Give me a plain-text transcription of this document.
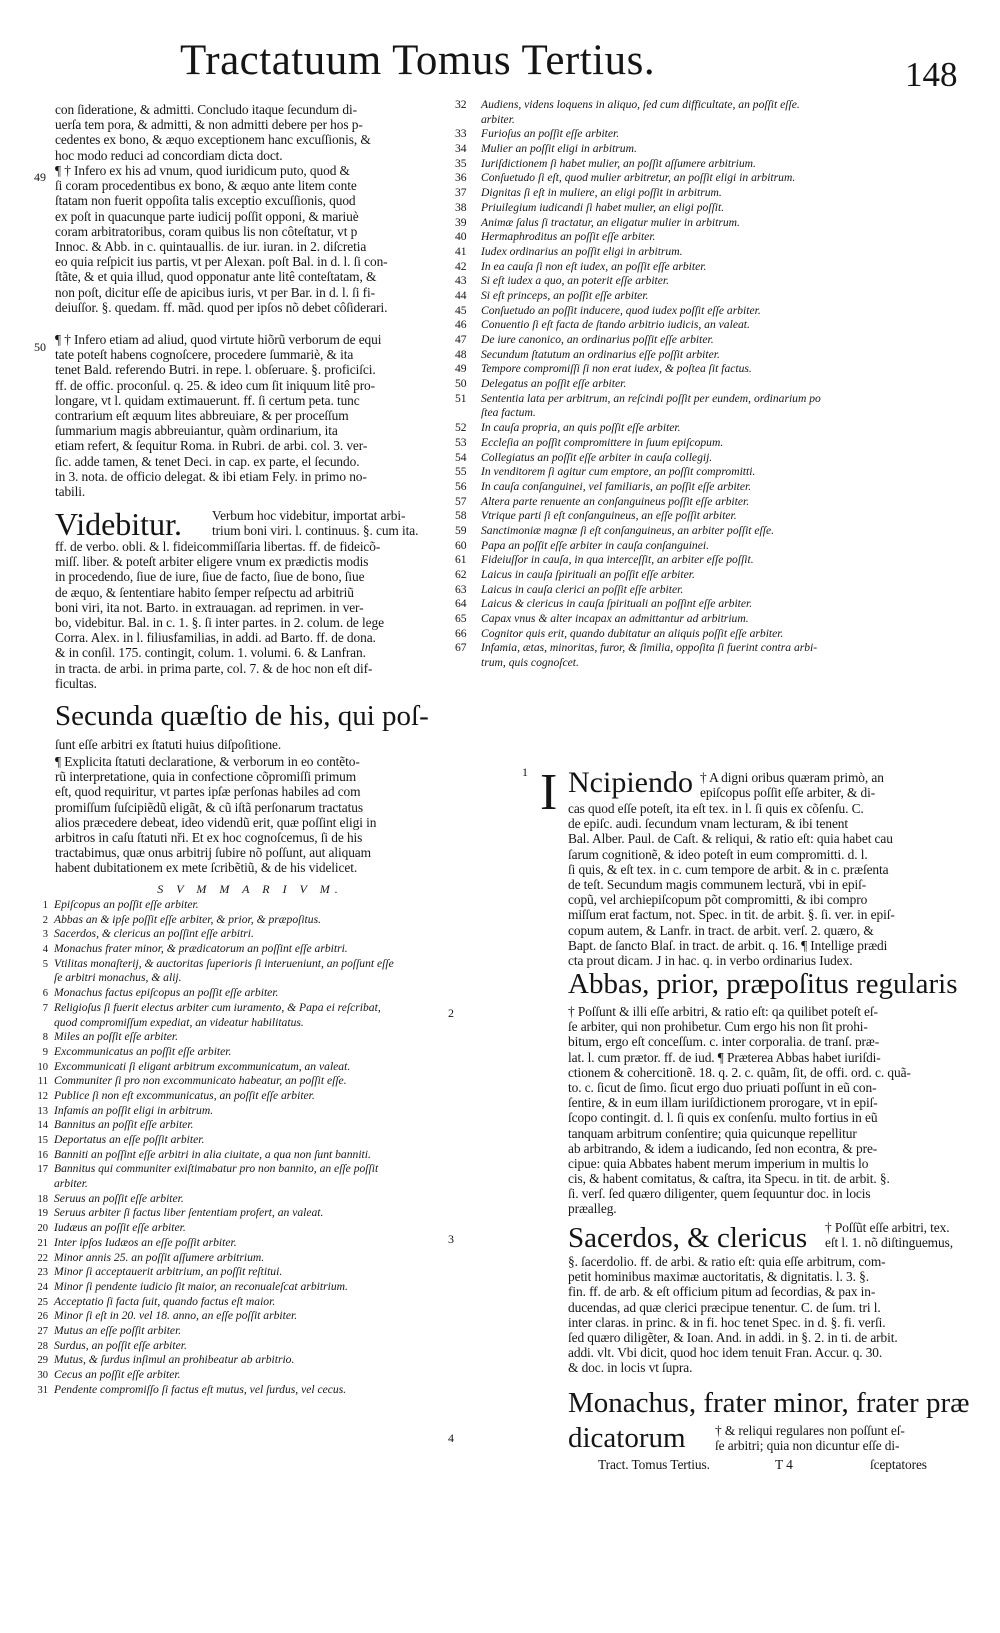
Tractatuum Tomus Tertius.	148
con ſideratione, & admitti. Concludo itaque ſecundum di-
uerſa tem pora, & admitti, & non admitti debere per hos p-
cedentes ex bono, & æquo exceptionem hanc excuſſionis, &
hoc modo reduci ad concordiam dicta doct.
49 ¶ † Infero ex his ad vnum, quod iuridicum puto, quod &
ſi coram procedentibus ex bono, & æquo ante litem conte
ſtatam non fuerit oppoſita talis exceptio excuſſionis, quod
ex poſt in quacunque parte iudicij poſſit opponi, & mariuè
coram arbitratoribus, coram quibus lis non côteſtatur, vt p
Innoc. & Abb. in c. quintauallis. de iur. iuran. in 2. diſcretia
eo quia reſpicit ius partis, vt per Alexan. poſt Bal. in d. l. ſi con-
ſtãte, & et quia illud, quod opponatur ante litê conteſtatam, &
non poſt, dicitur eſſe de apicibus iuris, vt per Bar. in d. l. ſi fi-
deiuſſor. §. quedam. ff. mãd. quod per ipſos nõ debet côſiderari.
50 ¶ † Infero etiam ad aliud, quod virtute hiõrũ verborum de equi
tate poteſt habens cognoſcere, procedere ſummariè, & ita
tenet Bald. referendo Butri. in repe. l. obſeruare. §. proficiſci.
ff. de offic. proconſul. q. 25. & ideo cum ſit iniquum litê pro-
longare, vt l. quidam extimauerunt. ff. ſi certum peta. tunc
contrarium eſt æquum lites abbreuiare, & per proceſſum
ſummarium magis abbreuiantur, quàm ordinarium, ita
etiam refert, & ſequitur Roma. in Rubri. de arbi. col. 3. ver-
ſic. adde tamen, & tenet Deci. in cap. ex parte, el ſecundo.
in 3. nota. de officio delegat. & ibi etiam Fely. in primo no-
tabili.
Videbitur. Verbum hoc videbitur, importat arbi-
trium boni viri. l. continuus. §. cum ita.
ff. de verbo. obli. & l. fideicommiſſaria libertas. ff. de fideicõ-
miſſ. liber. & poteſt arbiter eligere vnum ex prædictis modis
in procedendo, ſiue de iure, ſiue de facto, ſiue de bono, ſiue
de æquo, & ſententiare habito ſemper reſpectu ad arbitriũ
boni viri, ita not. Barto. in extrauagan. ad reprimen. in ver-
bo, videbitur. Bal. in c. 1. §. ſi inter partes. in 2. colum. de lege
Corra. Alex. in l. filiusfamilias, in addi. ad Barto. ff. de dona.
& in conſil. 175. contingit, colum. 1. volumi. 6. & Lanfran.
in tracta. de arbi. in prima parte, col. 7. & de hoc non eſt dif-
ficultas.
Secunda quæſtio de his, qui poſ-
ſunt eſſe arbitri ex ſtatuti huius diſpoſitione.
¶ Explicita ſtatuti declaratione, & verborum in eo contẽto-
rũ interpretatione, quia in confectione cõpromiſſi primum
eſt, quod requiritur, vt partes ipſæ perſonas habiles ad com
promiſſum ſuſcipiẽdũ eligãt, & cũ iſtã perſonarum tractatus
alios præcedere debeat, ideo videndũ erit, quæ poſſint eligi in
arbitros in caſu ſtatuti nři. Et ex hoc cognoſcemus, ſi de his
tractabimus, quæ onus arbitrij ſubire nõ poſſunt, aut aliquam
habent dubitationem ex mete ſcribẽtiũ, & de his videlicet.
S V M M A R I V M.
1 Epiſcopus an poſſit eſſe arbiter.
2 Abbas an & ipſe poſſit eſſe arbiter, & prior, & præpoſitus.
3 Sacerdos, & clericus an poſſint eſſe arbitri.
4 Monachus frater minor, & prædicatorum an poſſint eſſe arbitri.
5 Vtilitas monaſterij, & auctoritas ſuperioris ſi interueniunt, an poſſunt eſſe
ſe arbitri monachus, & alij.
6 Monachus factus epiſcopus an poſſit eſſe arbiter.
7 Religioſus ſi fuerit electus arbiter cum iuramento, & Papa ei reſcribat,
quod compromiſſum expediat, an videatur habilitatus.
8 Miles an poſſit eſſe arbiter.
9 Excommunicatus an poſſit eſſe arbiter.
10 Excommunicati ſi eligant arbitrum excommunicatum, an valeat.
11 Communiter ſi pro non excommunicato habeatur, an poſſit eſſe.
12 Publice ſi non eſt excommunicatus, an poſſit eſſe arbiter.
13 Infamis an poſſit eligi in arbitrum.
14 Bannitus an poſſit eſſe arbiter.
15 Deportatus an eſſe poſſit arbiter.
16 Banniti an poſſint eſſe arbitri in alia ciuitate, a qua non ſunt banniti.
17 Bannitus qui communiter exiſtimabatur pro non bannito, an eſſe poſſit
arbiter.
18 Seruus an poſſit eſſe arbiter.
19 Seruus arbiter ſi factus liber ſententiam profert, an valeat.
20 Iudæus an poſſit eſſe arbiter.
21 Inter ipſos Iudæos an eſſe poſſit arbiter.
22 Minor annis 25. an poſſit aſſumere arbitrium.
23 Minor ſi acceptauerit arbitrium, an poſſit reſtitui.
24 Minor ſi pendente iudicio ſit maior, an reconualeſcat arbitrium.
25 Acceptatio ſi facta ſuit, quando factus eſt maior.
26 Minor ſi eſt in 20. vel 18. anno, an eſſe poſſit arbiter.
27 Mutus an eſſe poſſit arbiter.
28 Surdus, an poſſit eſſe arbiter.
29 Mutus, & ſurdus inſimul an prohibeatur ab arbitrio.
30 Cecus an poſſit eſſe arbiter.
31 Pendente compromiſſo ſi factus eſt mutus, vel ſurdus, vel cecus.
32 Audiens, videns loquens in aliquo, ſed cum difficultate, an poſſit eſſe.
arbiter.
33 Furioſus an poſſit eſſe arbiter.
34 Mulier an poſſit eligi in arbitrum.
35 Iuriſdictionem ſi habet mulier, an poſſit aſſumere arbitrium.
36 Conſuetudo ſi eſt, quod mulier arbitretur, an poſſit eligi in arbitrum.
37 Dignitas ſi eſt in muliere, an eligi poſſit in arbitrum.
38 Priuilegium iudicandi ſi habet mulier, an eligi poſſit.
39 Animæ ſalus ſi tractatur, an eligatur mulier in arbitrum.
40 Hermaphroditus an poſſit eſſe arbiter.
41 Iudex ordinarius an poſſit eligi in arbitrum.
42 In ea cauſa ſi non eſt iudex, an poſſit eſſe arbiter.
43 Si eſt iudex a quo, an poterit eſſe arbiter.
44 Si eſt princeps, an poſſit eſſe arbiter.
45 Conſuetudo an poſſit inducere, quod iudex poſſit eſſe arbiter.
46 Conuentio ſi eſt facta de ſtando arbitrio iudicis, an valeat.
47 De iure canonico, an ordinarius poſſit eſſe arbiter.
48 Secundum ſtatutum an ordinarius eſſe poſſit arbiter.
49 Tempore compromiſſi ſi non erat iudex, & poſtea ſit factus.
50 Delegatus an poſſit eſſe arbiter.
51 Sententia lata per arbitrum, an reſcindi poſſit per eundem, ordinarium po
ſtea factum.
52 In cauſa propria, an quis poſſit eſſe arbiter.
53 Eccleſia an poſſit compromittere in ſuum epiſcopum.
54 Collegiatus an poſſit eſſe arbiter in cauſa collegij.
55 In venditorem ſi agitur cum emptore, an poſſit compromitti.
56 In cauſa conſanguinei, vel familiaris, an poſſit eſſe arbiter.
57 Altera parte renuente an conſanguineus poſſit eſſe arbiter.
58 Vtrique parti ſi eſt conſanguineus, an eſſe poſſit arbiter.
59 Sanctimoniæ magnæ ſi eſt conſanguineus, an arbiter poſſit eſſe.
60 Papa an poſſit eſſe arbiter in cauſa conſanguinei.
61 Fideiuſſor in cauſa, in qua interceſſit, an arbiter eſſe poſſit.
62 Laicus in cauſa ſpirituali an poſſit eſſe arbiter.
63 Laicus in cauſa clerici an poſſit eſſe arbiter.
64 Laicus & clericus in cauſa ſpirituali an poſſint eſſe arbiter.
65 Capax vnus & alter incapax an admittantur ad arbitrium.
66 Cognitor quis erit, quando dubitatur an aliquis poſſit eſſe arbiter.
67 Infamia, ætas, minoritas, furor, & ſimilia, oppoſita ſi fuerint contra arbi-
trum, quis cognoſcet.
1 I Ncipiendo † A digni oribus quæram primò, an
epiſcopus poſſit eſſe arbiter, & di-
cas quod eſſe poteſt, ita eſt tex. in l. ſi quis ex cõſenſu. C.
de epiſc. audi. ſecundum vnam lecturam, & ibi tenent
Bal. Alber. Paul. de Caſt. & reliqui, & ratio eſt: quia habet cau
ſarum cognitionẽ, & ideo poteſt in eum compromitti. d. l.
ſi quis, & eſt tex. in c. cum tempore de arbit. & in c. præſenta
de teſt. Secundum magis communem lectură, vbi in epiſ-
copũ, vel archiepiſcopum põt compromitti, & ibi compro
miſſum erat factum, not. Spec. in tit. de arbit. §. ſi. ver. in epiſ-
copum autem, & Lanfr. in tract. de arbit. verſ. 2. quæro, &
Bapt. de ſancto Blaſ. in tract. de arbit. q. 16. ¶ Intellige prædi
cta prout dicam. J in hac. q. in verbo ordinarius Iudex.
Abbas, prior, præpoſitus regularis
2	† Poſſunt & illi eſſe arbitri, & ratio eſt: qa quilibet poteſt eſ-
ſe arbiter, qui non prohibetur. Cum ergo his non ſit prohi-
bitum, ergo eſt conceſſum. c. inter corporalia. de tranſ. præ-
lat. l. cum prætor. ff. de iud. ¶ Præterea Abbas habet iuriſdi-
ctionem & cohercitionẽ. 18. q. 2. c. quãm, ſit, de offi. ord. c. quã-
to. c. ſicut de ſimo. ſicut ergo duo priuati poſſunt in eũ con-
ſentire, & in eum illam iuriſdictionem prorogare, vt in epiſ-
ſcopo contingit. d. l. ſi quis ex conſenſu. multo fortius in eũ
tanquam arbitrum conſentire; quia quicunque repellitur
ab arbitrando, & idem a iudicando, ſed non econtra, & pre-
cipue: quia Abbates habent merum imperium in multis lo
cis, & habent comitatus, & caſtra, ita Specu. in tit. de arbit. §.
ſi. verſ. ſed quæro diligenter, quem ſequuntur doc. in locis
præalleg.
3	Sacerdos, & clericus † Poſſũt eſſe arbitri, tex.
eſt l. 1. nõ diſtinguemus,
§. ſacerdolio. ff. de arbi. & ratio eſt: quia eſſe arbitrum, com-
petit hominibus maximæ auctoritatis, & dignitatis. l. 3. §.
fin. ff. de arb. & eſt officium pitum ad ſecordias, & pax in-
ducendas, ad quæ clerici præcipue tenentur. C. de ſum. tri l.
inter claras. in princ. & in fi. hoc tenet Spec. in d. §. fi. verſi.
ſed quæro diligẽter, & Ioan. And. in addi. in §. 2. in ti. de arbit.
addi. vlt. Vbi dicit, quod hoc idem tenuit Fran. Accur. q. 30.
& doc. in locis vt ſupra.
Monachus, frater minor, frater præ
4	dicatorum † & reliqui regulares non poſſunt eſ-
ſe arbitri; quia non dicuntur eſſe di-
Tract. Tomus Tertius.	T 4	ſceptatores
